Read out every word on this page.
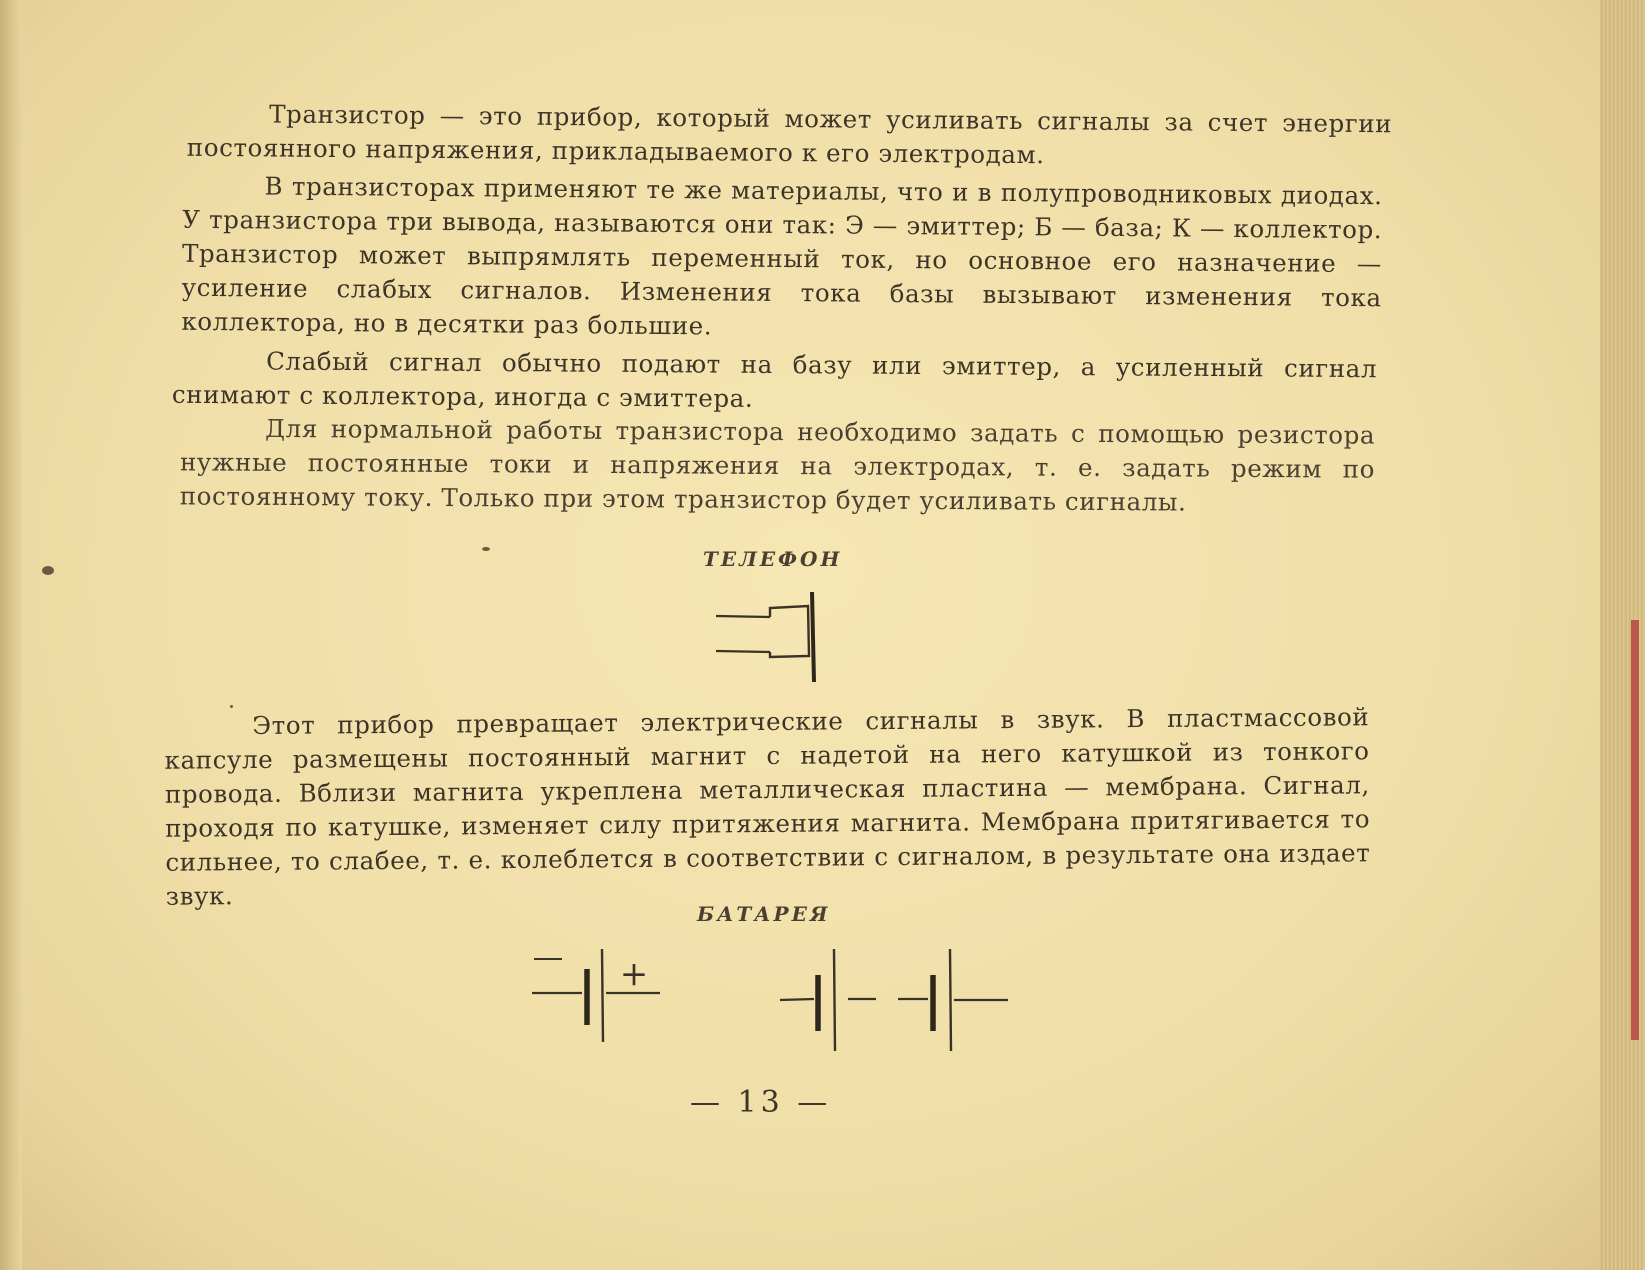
Транзистор — это прибор, который может усиливать сигналы за счет энергии постоянного напряжения, прикладываемого к его электродам.

В транзисторах применяют те же материалы, что и в полупроводниковых диодах. У транзистора три вывода, называются они так: Э — эмиттер; Б — база; К — коллектор. Транзистор может выпрямлять переменный ток, но основное его назначение — усиление слабых сигналов. Изменения тока базы вызывают изменения тока коллектора, но в десятки раз большие.

Слабый сигнал обычно подают на базу или эмиттер, а усиленный сигнал снимают с коллектора, иногда с эмиттера.

Для нормальной работы транзистора необходимо задать с помощью резистора нужные постоянные токи и напряжения на электродах, т. е. задать режим по постоянному току. Только при этом транзистор будет усиливать сигналы.

ТЕЛЕФОН

Этот прибор превращает электрические сигналы в звук. В пластмассовой капсуле размещены постоянный магнит с надетой на него катушкой из тонкого провода. Вблизи магнита укреплена металлическая пластина — мембрана. Сигнал, проходя по катушке, изменяет силу притяжения магнита. Мембрана притягивается то сильнее, то слабее, т. е. колеблется в соответствии с сигналом, в результате она издает звук.

БАТАРЕЯ

− +
— 13 —
